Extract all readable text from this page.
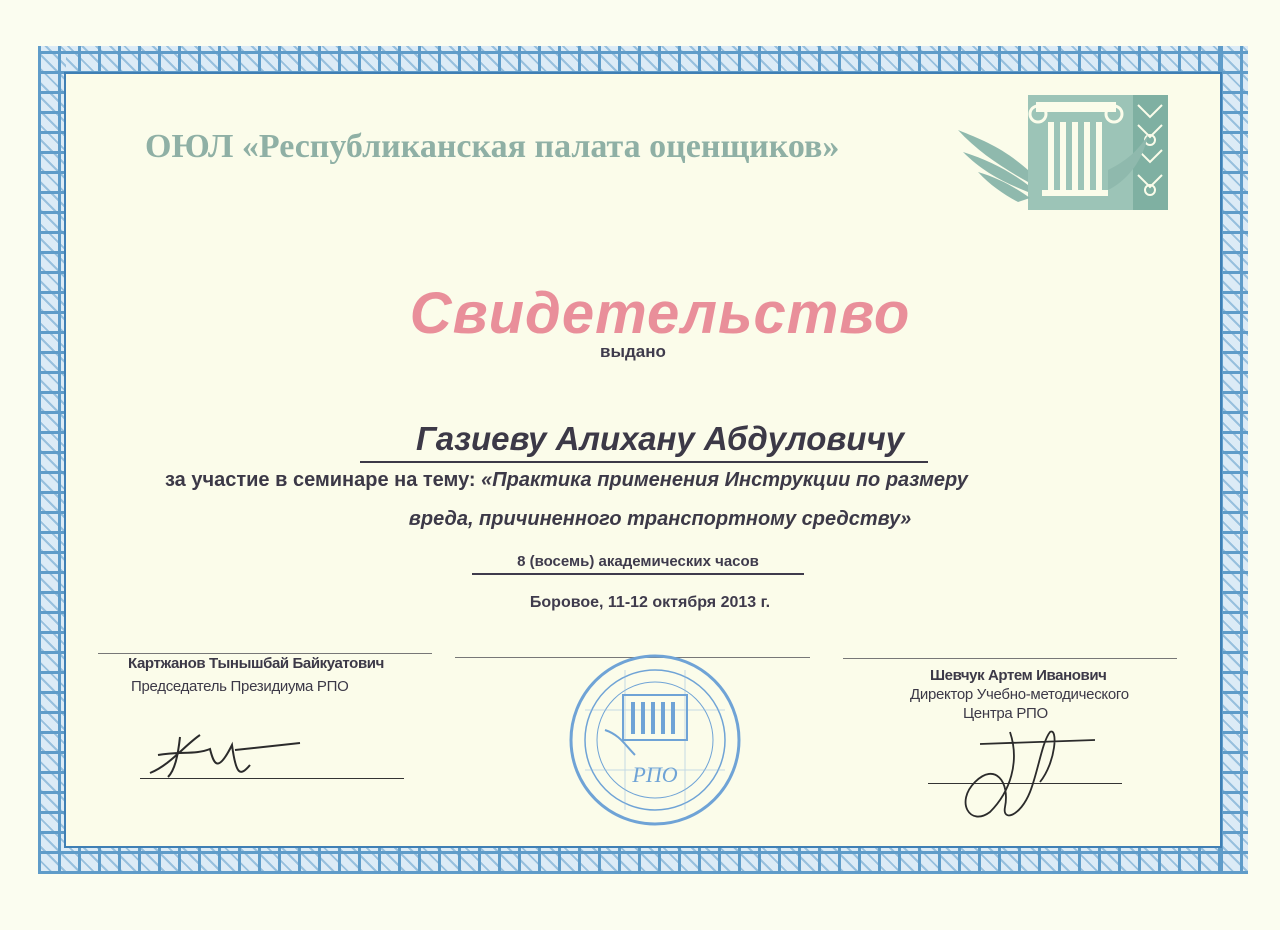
ОЮЛ «Республиканская палата оценщиков»
Свидетельство
выдано
Газиеву Алихану Абдуловичу
за участие в семинаре на тему: «Практика применения Инструкции по размеру
вреда, причиненного транспортному средству»
8 (восемь) академических часов
Боровое, 11-12 октября 2013 г.
Картжанов Тынышбай Байкуатович
Председатель Президиума РПО
Шевчук Артем Иванович
Директор Учебно-методического
Центра РПО
РПО
